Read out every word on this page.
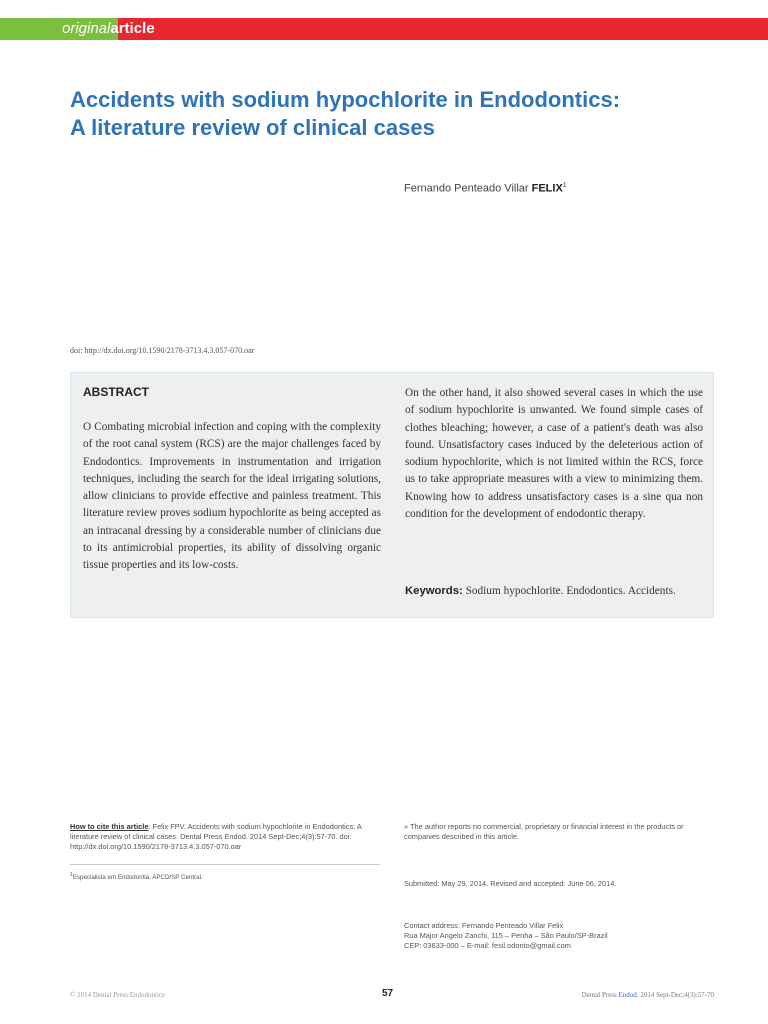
originalarticle
Accidents with sodium hypochlorite in Endodontics:
A literature review of clinical cases
Fernando Penteado Villar FELIX$^1$
doi: http://dx.doi.org/10.1590/2178-3713.4.3.057-070.oar
ABSTRACT

O Combating microbial infection and coping with the complexity of the root canal system (RCS) are the major challenges faced by Endodontics. Improvements in instrumentation and irrigation techniques, including the search for the ideal irrigating solutions, allow clinicians to provide effective and painless treatment. This literature review proves sodium hypochlorite as being accepted as an intracanal dressing by a considerable number of clinicians due to its antimicrobial properties, its ability of dissolving organic tissue properties and its low-costs.

On the other hand, it also showed several cases in which the use of sodium hypochlorite is unwanted. We found simple cases of clothes bleaching; however, a case of a patient's death was also found. Unsatisfactory cases induced by the deleterious action of sodium hypochlorite, which is not limited within the RCS, force us to take appropriate measures with a view to minimizing them. Knowing how to address unsatisfactory cases is a sine qua non condition for the development of endodontic therapy.

Keywords: Sodium hypochlorite. Endodontics. Accidents.

How to cite this article: Felix FPV. Accidents with sodium hypochlorite in Endodontics: A literature review of clinical cases. Dental Press Endod. 2014 Sept-Dec;4(3):57-70. doi: http://dx.doi.org/10.1590/2178-3713.4.3.057-070.oar

$^1$Especialista em Endodontia, APCD/SP Central.

» The author reports no commercial, proprietary or financial interest in the products or companies described in this article.

Submitted: May 29, 2014. Revised and accepted: June 06, 2014.
Contact address: Fernando Penteado Villar Felix
Rua Major Angelo Zanchi, 115 – Penha – São Paulo/SP-Brazil
CEP: 03633-000 – E-mail: fesil.odonto@gmail.com
© 2014 Dental Press Endodontics	57	Dental Press Endod. 2014 Sept-Dec;4(3):57-70
